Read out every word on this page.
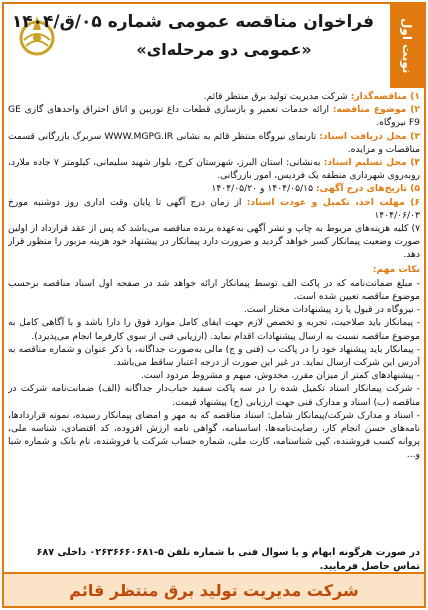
فراخوان مناقصه عمومی شماره ۰۵/ق/۱۴۰۴
«عمومی دو مرحله‌ای»	نوبت اول

۱) مناقصه‌گذار: شرکت مدیریت تولید برق منتظر قائم.

۲) موضوع مناقصه: ارائه خدمات تعمیر و بازسازی قطعات داغ توربین و اتاق احتراق واحدهای گازی GE F9 نیروگاه.

۳) محل دریافت اسناد: تارنمای نیروگاه منتظر قائم به نشانی WWW.MGPG.IR سربرگ بازرگانی قسمت مناقصات و مزایده.

۴) محل تسلیم اسناد: به‌نشانی: استان البرز، شهرستان کرج، بلوار شهید سلیمانی، کیلومتر ۷ جاده ملارد، روبه‌روی شهرداری منطقه یک فردیس، امور بازرگانی.

۵) تاریخ‌های درج آگهی: ۱۴۰۴/۰۵/۱۵ و ۱۴۰۴/۰۵/۲۰

۶) مهلت اخذ، تکمیل و عودت اسناد: از زمان درج آگهی تا پایان وقت اداری روز دوشنبه مورخ ۱۴۰۴/۰۶/۰۳

۷) کلیه هزینه‌های مربوط به چاپ و نشر آگهی به‌عهده برنده مناقصه می‌باشد که پس از عقد قرارداد از اولین صورت وضعیت پیمانکار کسر خواهد گردید و ضرورت دارد پیمانکار در پیشنهاد خود هزینه مزبور را منظور قرار دهد.

نکات مهم:

- مبلغ ضمانت‌نامه که در پاکت الف توسط پیمانکار ارائه خواهد شد در صفحه اول اسناد مناقصه برحسب موضوع مناقصه تعیین شده است.

- نیروگاه در قبول یا رد پیشنهادات مختار است.

- پیمانکار باید صلاحیت، تجربه و تخصص لازم جهت ایفای کامل موارد فوق را دارا باشد و با آگاهی کامل به موضوع مناقصه نسبت به ارسال پیشنهادات اقدام نماید. (ارزیابی فنی از سوی کارفرما انجام می‌پذیرد).

- پیمانکار باید پیشنهاد خود را در پاکت ب (فنی و ج) مالی به‌صورت جداگانه، با ذکر عنوان و شماره مناقصه به آدرس این شرکت ارسال نماید. در غیر این صورت از درجه اعتبار ساقط می‌باشد.

- پیشنهادهای کمتر از میزان مقرر، مخدوش، مبهم و مشروط مردود است.

- شرکت پیمانکار اسناد تکمیل شده را در سه پاکت سفید حباب‌دار جداگانه (الف) ضمانت‌نامه شرکت در مناقصه (ب) اسناد و مدارک فنی جهت ارزیابی (ج) پیشنهاد قیمت.

- اسناد و مدارک شرکت/پیمانکار شامل: اسناد مناقصه که به مهر و امضای پیمانکار رسیده، نمونه قراردادها، نامه‌های حسن انجام کار، رضایت‌نامه‌ها، اساسنامه، گواهی نامه ارزش افزوده، کد اقتصادی، شناسه ملی، پروانه کسب فروشنده، کپی شناسنامه، کارت ملی، شماره حساب شرکت یا فروشنده، نام بانک و شماره شبا و...

در صورت هرگونه ابهام و یا سوال فنی با شماره تلفن ۵-۰۲۶۳۶۶۶۰۶۸۱ داخلی ۶۸۷ تماس حاصل فرمایید.
شرکت مدیریت تولید برق منتظر قائم
